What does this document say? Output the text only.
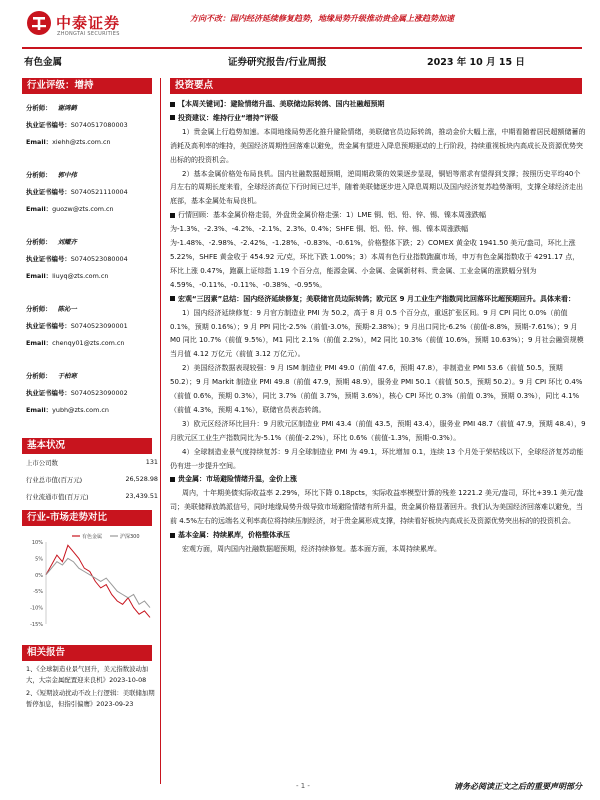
中泰证券
ZHONGTAI SECURITIES
方向不改：国内经济延续修复趋势，地缘局势升级推动贵金属上涨趋势加速
有色金属	证券研究报告/行业周报	2023 年 10 月 15 日
行业评级：增持
分析师： 谢鸿鹤
执业证书编号：S0740517080003
Email：xiehh@zts.com.cn
分析师： 郭中伟
执业证书编号：S0740521110004
Email：guozw@zts.com.cn
分析师： 刘耀齐
执业证书编号：S0740523080004
Email：liuyq@zts.com.cn
分析师： 陈沁一
执业证书编号：S0740523090001
Email：chenqy01@zts.com.cn
分析师： 于柏寒
执业证书编号：S0740523090002
Email：yubh@zts.com.cn
基本状况
上市公司数	131
行业总市值(百万元)	26,528.98
行业流通市值(百万元)	23,439.51
行业-市场走势对比
10%
5%
0%
-5%
-10%
-15%
有色金属	沪深300
相关报告
1、《全球制造业景气回升，美元指数波动加大，大宗金属配置迎来良机》2023-10-08
2、《短期波动扰动不改上行逻辑：美联储加期暂停加息，但指引偏鹰》2023-09-23
投资要点

【本周关键词】：避险情绪升温、美联储边际转鸽、国内社融超预期

投资建议：维持行业“增持”评级

1）贵金属上行趋势加速。本周地缘局势恶化推升避险情绪，美联储官员边际转鸽，推动金价大幅上涨，中期看随着居民超额储蓄的消耗及高利率的维持，美国经济周期性回落难以避免，贵金属有望进入降息预期驱动的上行阶段，持续重视板块内高成长及资源优势突出标的的投资机会。

2）基本金属价格处布局良机。国内社融数据超预期，逆周期政策的效果逐步显现，铜铝等需求有望得到支撑；按照历史平均40个月左右的周期长度来看，全球经济高位下行时间已过半，随着美联储逐步进入降息周期以及国内经济复苏趋势渐明，支撑全球经济走出底部，基本金属处布局良机。

行情回顾：基本金属价格走弱，外盘贵金属价格走强：1）LME 铜、铝、铅、锌、锡、镍本周涨跌幅为-1.3%、-2.3%、-4.2%、-2.1%、2.3%、0.4%；SHFE 铜、铝、铅、锌、锡、镍本周涨跌幅为-1.48%、-2.98%、-2.42%、-1.28%、-0.83%、-0.61%，价格整体下跌；2）COMEX 黄金收 1941.50 美元/盎司，环比上涨 5.22%，SHFE 黄金收于 454.92 元/克，环比下跌 1.00%；3）本周有色行业指数跑赢市场，申万有色金属指数收于 4291.17 点，环比上涨 0.47%，跑赢上证综指 1.19 个百分点，能源金属、小金属、金属新材料、贵金属、工业金属的涨跌幅分别为 4.59%、-0.11%、-0.11%、-0.38%、-0.95%。

宏观“三因素”总结：国内经济延续修复；美联储官员边际转鸽；欧元区 9 月工业生产指数同比回落环比超预期回升。具体来看：

1）国内经济延续修复：9 月官方制造业 PMI 为 50.2，高于 8 月 0.5 个百分点，重返扩张区间。9 月 CPI 同比 0.0%（前值 0.1%，预期 0.16%）；9 月 PPI 同比-2.5%（前值-3.0%，预期-2.38%）；9 月出口同比-6.2%（前值-8.8%，预期-7.61%）；9 月 M0 同比 10.7%（前值 9.5%），M1 同比 2.1%（前值 2.2%），M2 同比 10.3%（前值 10.6%，预期 10.63%）；9 月社会融资规模当月值 4.12 万亿元（前值 3.12 万亿元）。

2）美国经济数据表现较强：9 月 ISM 制造业 PMI 49.0（前值 47.6，预期 47.8），非制造业 PMI 53.6（前值 50.5，预期 50.2）；9 月 Markit 制造业 PMI 49.8（前值 47.9，预期 48.9），服务业 PMI 50.1（前值 50.5，预期 50.2）。9 月 CPI 环比 0.4%（前值 0.6%，预期 0.3%），同比 3.7%（前值 3.7%，预期 3.6%），核心 CPI 环比 0.3%（前值 0.3%，预期 0.3%），同比 4.1%（前值 4.3%，预期 4.1%），联储官员表态转鸽。

3）欧元区经济环比回升：9 月欧元区制造业 PMI 43.4（前值 43.5，预期 43.4），服务业 PMI 48.7（前值 47.9，预期 48.4），9 月欧元区工业生产指数同比为-5.1%（前值-2.2%），环比 0.6%（前值-1.3%，预期-0.3%）。

4）全球制造业景气度持续复苏：9 月全球制造业 PMI 为 49.1，环比增加 0.1，连续 13 个月处于荣枯线以下，全球经济复苏动能仍有进一步提升空间。

贵金属：市场避险情绪升温，金价上涨

周内，十年期美债实际收益率 2.29%，环比下降 0.18pcts，实际收益率模型计算的残差 1221.2 美元/盎司，环比+39.1 美元/盎司；美联储释放鸽派信号，同时地缘局势升级导致市场避险情绪有所升温，贵金属价格显著回升。我们认为美国经济回落难以避免，当前 4.5%左右的远端名义利率高位将持续压制经济，对于贵金属形成支撑，持续看好板块内高成长及资源优势突出标的的投资机会。

基本金属：持续累库，价格整体承压

宏观方面，周内国内社融数据超预期，经济持续修复。基本面方面，本周持续累库。

请务必阅读正文之后的重要声明部分
- 1 -
